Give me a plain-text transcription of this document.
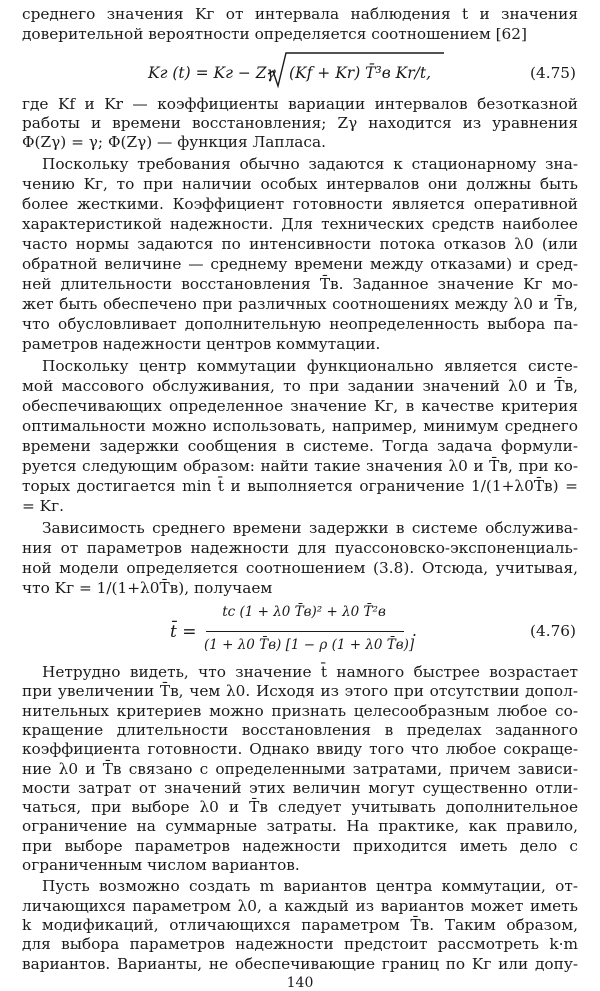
среднего значения Kг от интервала наблюдения t и значения
доверительной вероятности определяется соотношением [62]
Kг (t) = Kг − Zγ (Kf + Kr) T̄³в Kr/t,	(4.75)
где Kf и Kr — коэффициенты вариации интервалов безотказной
работы и времени восстановления; Zγ находится из уравнения
Φ(Zγ) = γ; Φ(Zγ) — функция Лапласа.
Поскольку требования обычно задаются к стационарному зна-
чению Kг, то при наличии особых интервалов они должны быть
более жесткими. Коэффициент готовности является оперативной
характеристикой надежности. Для технических средств наиболее
часто нормы задаются по интенсивности потока отказов λ0 (или
обратной величине — среднему времени между отказами) и сред-
ней длительности восстановления T̄в. Заданное значение Kг мо-
жет быть обеспечено при различных соотношениях между λ0 и T̄в,
что обусловливает дополнительную неопределенность выбора па-
раметров надежности центров коммутации.
Поскольку центр коммутации функционально является систе-
мой массового обслуживания, то при задании значений λ0 и T̄в,
обеспечивающих определенное значение Kг, в качестве критерия
оптимальности можно использовать, например, минимум среднего
времени задержки сообщения в системе. Тогда задача формули-
руется следующим образом: найти такие значения λ0 и T̄в, при ко-
торых достигается min t̄ и выполняется ограничение 1/(1+λ0T̄в) =
= Kг.
Зависимость среднего времени задержки в системе обслужива-
ния от параметров надежности для пуассоновско-экспоненциаль-
ной модели определяется соотношением (3.8). Отсюда, учитывая,
что Kг = 1/(1+λ0T̄в), получаем
t̄ =
tc (1 + λ0 T̄в)² + λ0 T̄²в
(1 + λ0 T̄в) [1 − ρ (1 + λ0 T̄в)]
.	(4.76)
Нетрудно видеть, что значение t̄ намного быстрее возрастает
при увеличении T̄в, чем λ0. Исходя из этого при отсутствии допол-
нительных критериев можно признать целесообразным любое со-
кращение длительности восстановления в пределах заданного
коэффициента готовности. Однако ввиду того что любое сокраще-
ние λ0 и T̄в связано с определенными затратами, причем зависи-
мости затрат от значений этих величин могут существенно отли-
чаться, при выборе λ0 и T̄в следует учитывать дополнительное
ограничение на суммарные затраты. На практике, как правило,
при выборе параметров надежности приходится иметь дело с
ограниченным числом вариантов.
Пусть возможно создать m вариантов центра коммутации, от-
личающихся параметром λ0, а каждый из вариантов может иметь
k модификаций, отличающихся параметром T̄в. Таким образом,
для выбора параметров надежности предстоит рассмотреть k·m
вариантов. Варианты, не обеспечивающие границ по Kг или допу-
140
